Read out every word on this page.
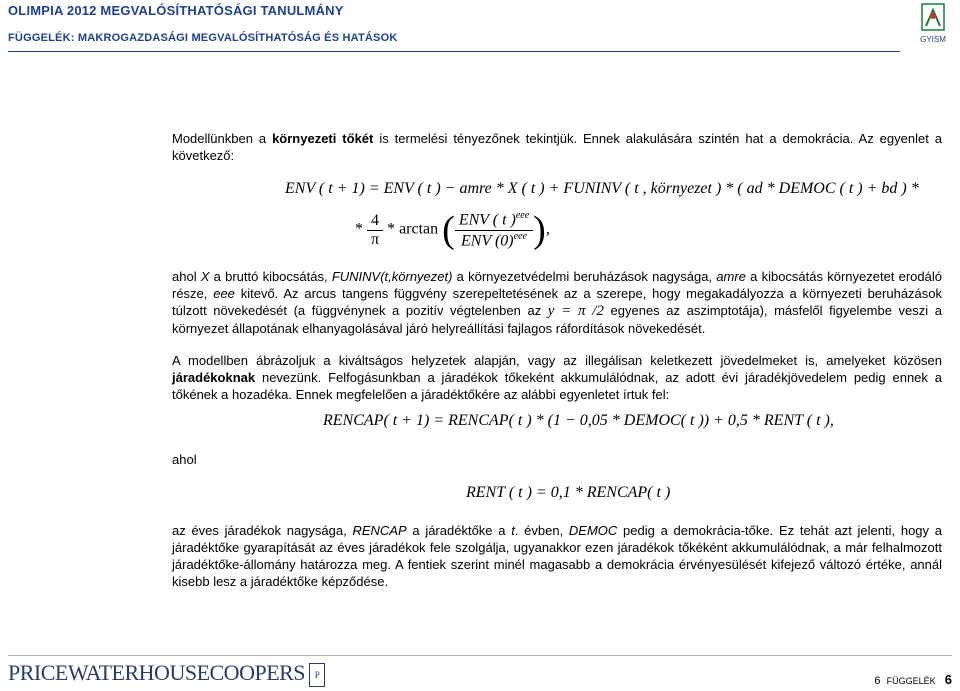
OLIMPIA 2012 MEGVALÓSÍTHATÓSÁGI TANULMÁNY
FÜGGELÉK: MAKROGAZDASÁGI MEGVALÓSÍTHATÓSÁG ÉS HATÁSOK	GYISM
Modellünkben a környezeti tőkét is termelési tényezőnek tekintjük. Ennek alakulására szintén hat a demokrácia. Az egyenlet a következő:
ENV ( t + 1) = ENV ( t ) − amre * X ( t ) + FUNINV ( t , környezet ) * ( ad * DEMOC ( t ) + bd ) *
* $\frac{4}{\pi}$ * arctan ( $\frac{ENV ( t )^{eee}}{ENV (0)^{eee}}$ ),
ahol X a bruttó kibocsátás, FUNINV(t,környezet) a környezetvédelmi beruházások nagysága, amre a kibocsátás környezetet erodáló része, eee kitevő. Az arcus tangens függvény szerepeltetésének az a szerepe, hogy megakadályozza a környezeti beruházások túlzott növekedését (a függvénynek a pozitív végtelenben az y = π /2 egyenes az aszimptotája), másfelől figyelembe veszi a környezet állapotának elhanyagolásával járó helyreállítási fajlagos ráfordítások növekedését.
A modellben ábrázoljuk a kiváltságos helyzetek alapján, vagy az illegálisan keletkezett jövedelmeket is, amelyeket közösen járadékoknak nevezünk. Felfogásunkban a járadékok tőkeként akkumulálódnak, az adott évi járadékjövedelem pedig ennek a tőkének a hozadéka. Ennek megfelelően a járadéktőkére az alábbi egyenletet írtuk fel:
RENCAP( t + 1) = RENCAP( t ) * (1 − 0,05 * DEMOC( t )) + 0,5 * RENT ( t ),
ahol
RENT ( t ) = 0,1 * RENCAP( t )
az éves járadékok nagysága, RENCAP a járadéktőke a t. évben, DEMOC pedig a demokrácia-tőke. Ez tehát azt jelenti, hogy a járadéktőke gyarapítását az éves járadékok fele szolgálja, ugyanakkor ezen járadékok tőkéként akkumulálódnak, a már felhalmozott járadéktőke-állomány határozza meg. A fentiek szerint minél magasabb a demokrácia érvényesülését kifejező változó értéke, annál kisebb lesz a járadéktőke képződése.
PRICEWATERHOUSECOOPERS P
6 FÜGGELÉK 6
